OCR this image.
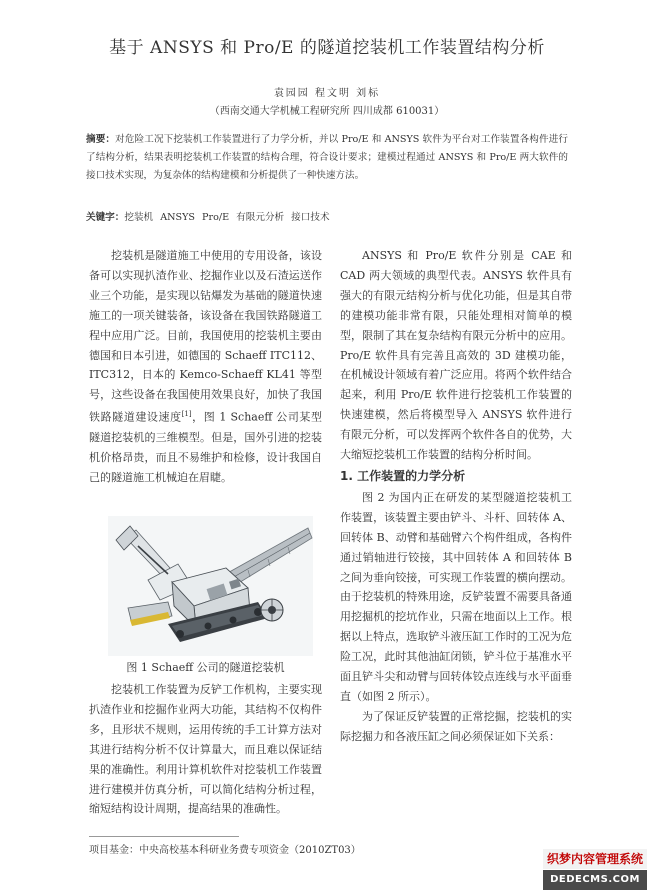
基于 ANSYS 和 Pro/E 的隧道挖装机工作装置结构分析
袁园园 程文明 刘标
（西南交通大学机械工程研究所 四川成都 610031）
摘要：对危险工况下挖装机工作装置进行了力学分析，并以 Pro/E 和 ANSYS 软件为平台对工作装置各构件进行了结构分析，结果表明挖装机工作装置的结构合理，符合设计要求；建模过程通过 ANSYS 和 Pro/E 两大软件的接口技术实现，为复杂体的结构建模和分析提供了一种快速方法。
关键字：挖装机 ANSYS Pro/E 有限元分析 接口技术

挖装机是隧道施工中使用的专用设备，该设备可以实现扒渣作业、挖掘作业以及石渣运送作业三个功能，是实现以钻爆发为基础的隧道快速施工的一项关键装备，该设备在我国铁路隧道工程中应用广泛。目前，我国使用的挖装机主要由德国和日本引进，如德国的 Schaeff ITC112、ITC312，日本的 Kemco-Schaeff KL41 等型号，这些设备在我国使用效果良好，加快了我国铁路隧道建设速度[1]，图 1 Schaeff 公司某型隧道挖装机的三维模型。但是，国外引进的挖装机价格昂贵，而且不易维护和检修，设计我国自己的隧道施工机械迫在眉睫。

图 1 Schaeff 公司的隧道挖装机

挖装机工作装置为反铲工作机构，主要实现扒渣作业和挖掘作业两大功能，其结构不仅构件多，且形状不规则，运用传统的手工计算方法对其进行结构分析不仅计算量大，而且难以保证结果的准确性。利用计算机软件对挖装机工作装置进行建模并仿真分析，可以简化结构分析过程，缩短结构设计周期，提高结果的准确性。

ANSYS 和 Pro/E 软件分别是 CAE 和 CAD 两大领域的典型代表。ANSYS 软件具有强大的有限元结构分析与优化功能，但是其自带的建模功能非常有限，只能处理相对简单的模型，限制了其在复杂结构有限元分析中的应用。Pro/E 软件具有完善且高效的 3D 建模功能，在机械设计领域有着广泛应用。将两个软件结合起来，利用 Pro/E 软件进行挖装机工作装置的快速建模，然后将模型导入 ANSYS 软件进行有限元分析，可以发挥两个软件各自的优势，大大缩短挖装机工作装置的结构分析时间。

1. 工作装置的力学分析

图 2 为国内正在研发的某型隧道挖装机工作装置，该装置主要由铲斗、斗杆、回转体 A、回转体 B、动臂和基础臂六个构件组成，各构件通过销轴进行铰接，其中回转体 A 和回转体 B 之间为垂向铰接，可实现工作装置的横向摆动。由于挖装机的特殊用途，反铲装置不需要具备通用挖掘机的挖坑作业，只需在地面以上工作。根据以上特点，选取铲斗液压缸工作时的工况为危险工况，此时其他油缸闭锁，铲斗位于基准水平面且铲斗尖和动臂与回转体铰点连线与水平面垂直（如图 2 所示）。

为了保证反铲装置的正常挖掘，挖装机的实际挖掘力和各液压缸之间必须保证如下关系：

项目基金：中央高校基本科研业务费专项资金（2010ZT03）
织梦内容管理系统
DEDECMS.COM
